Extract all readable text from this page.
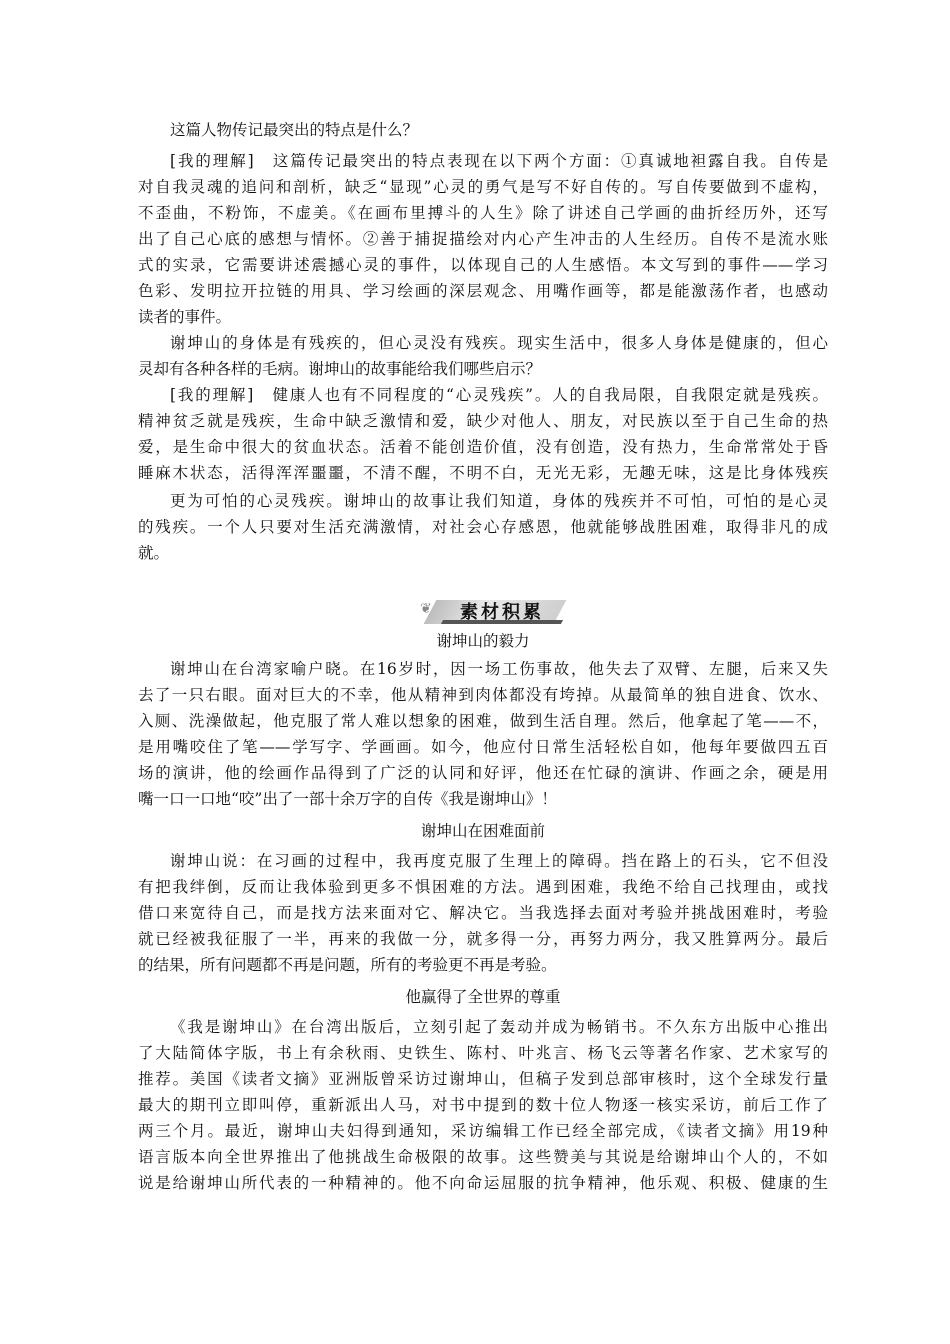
这篇人物传记最突出的特点是什么？
[我的理解]　这篇传记最突出的特点表现在以下两个方面：①真诚地袒露自我。自传是
对自我灵魂的追问和剖析，缺乏“显现”心灵的勇气是写不好自传的。写自传要做到不虚构，
不歪曲，不粉饰，不虚美。《在画布里搏斗的人生》除了讲述自己学画的曲折经历外，还写
出了自己心底的感想与情怀。②善于捕捉描绘对内心产生冲击的人生经历。自传不是流水账
式的实录，它需要讲述震撼心灵的事件，以体现自己的人生感悟。本文写到的事件——学习
色彩、发明拉开拉链的用具、学习绘画的深层观念、用嘴作画等，都是能激荡作者，也感动
读者的事件。
谢坤山的身体是有残疾的，但心灵没有残疾。现实生活中，很多人身体是健康的，但心
灵却有各种各样的毛病。谢坤山的故事能给我们哪些启示？
[我的理解]　健康人也有不同程度的“心灵残疾”。人的自我局限，自我限定就是残疾。
精神贫乏就是残疾，生命中缺乏激情和爱，缺少对他人、朋友，对民族以至于自己生命的热
爱，是生命中很大的贫血状态。活着不能创造价值，没有创造，没有热力，生命常常处于昏
睡麻木状态，活得浑浑噩噩，不清不醒，不明不白，无光无彩，无趣无味，这是比身体残疾
更为可怕的心灵残疾。谢坤山的故事让我们知道，身体的残疾并不可怕，可怕的是心灵
的残疾。一个人只要对生活充满激情，对社会心存感恩，他就能够战胜困难，取得非凡的成
就。
❦	素材积累
谢坤山的毅力
谢坤山在台湾家喻户晓。在16岁时，因一场工伤事故，他失去了双臂、左腿，后来又失
去了一只右眼。面对巨大的不幸，他从精神到肉体都没有垮掉。从最简单的独自进食、饮水、
入厕、洗澡做起，他克服了常人难以想象的困难，做到生活自理。然后，他拿起了笔——不，
是用嘴咬住了笔——学写字、学画画。如今，他应付日常生活轻松自如，他每年要做四五百
场的演讲，他的绘画作品得到了广泛的认同和好评，他还在忙碌的演讲、作画之余，硬是用
嘴一口一口地“咬”出了一部十余万字的自传《我是谢坤山》！
谢坤山在困难面前
谢坤山说：在习画的过程中，我再度克服了生理上的障碍。挡在路上的石头，它不但没
有把我绊倒，反而让我体验到更多不惧困难的方法。遇到困难，我绝不给自己找理由，或找
借口来宽待自己，而是找方法来面对它、解决它。当我选择去面对考验并挑战困难时，考验
就已经被我征服了一半，再来的我做一分，就多得一分，再努力两分，我又胜算两分。最后
的结果，所有问题都不再是问题，所有的考验更不再是考验。
他赢得了全世界的尊重
《我是谢坤山》在台湾出版后，立刻引起了轰动并成为畅销书。不久东方出版中心推出
了大陆简体字版，书上有余秋雨、史铁生、陈村、叶兆言、杨飞云等著名作家、艺术家写的
推荐。美国《读者文摘》亚洲版曾采访过谢坤山，但稿子发到总部审核时，这个全球发行量
最大的期刊立即叫停，重新派出人马，对书中提到的数十位人物逐一核实采访，前后工作了
两三个月。最近，谢坤山夫妇得到通知，采访编辑工作已经全部完成，《读者文摘》用19种
语言版本向全世界推出了他挑战生命极限的故事。这些赞美与其说是给谢坤山个人的，不如
说是给谢坤山所代表的一种精神的。他不向命运屈服的抗争精神，他乐观、积极、健康的生
